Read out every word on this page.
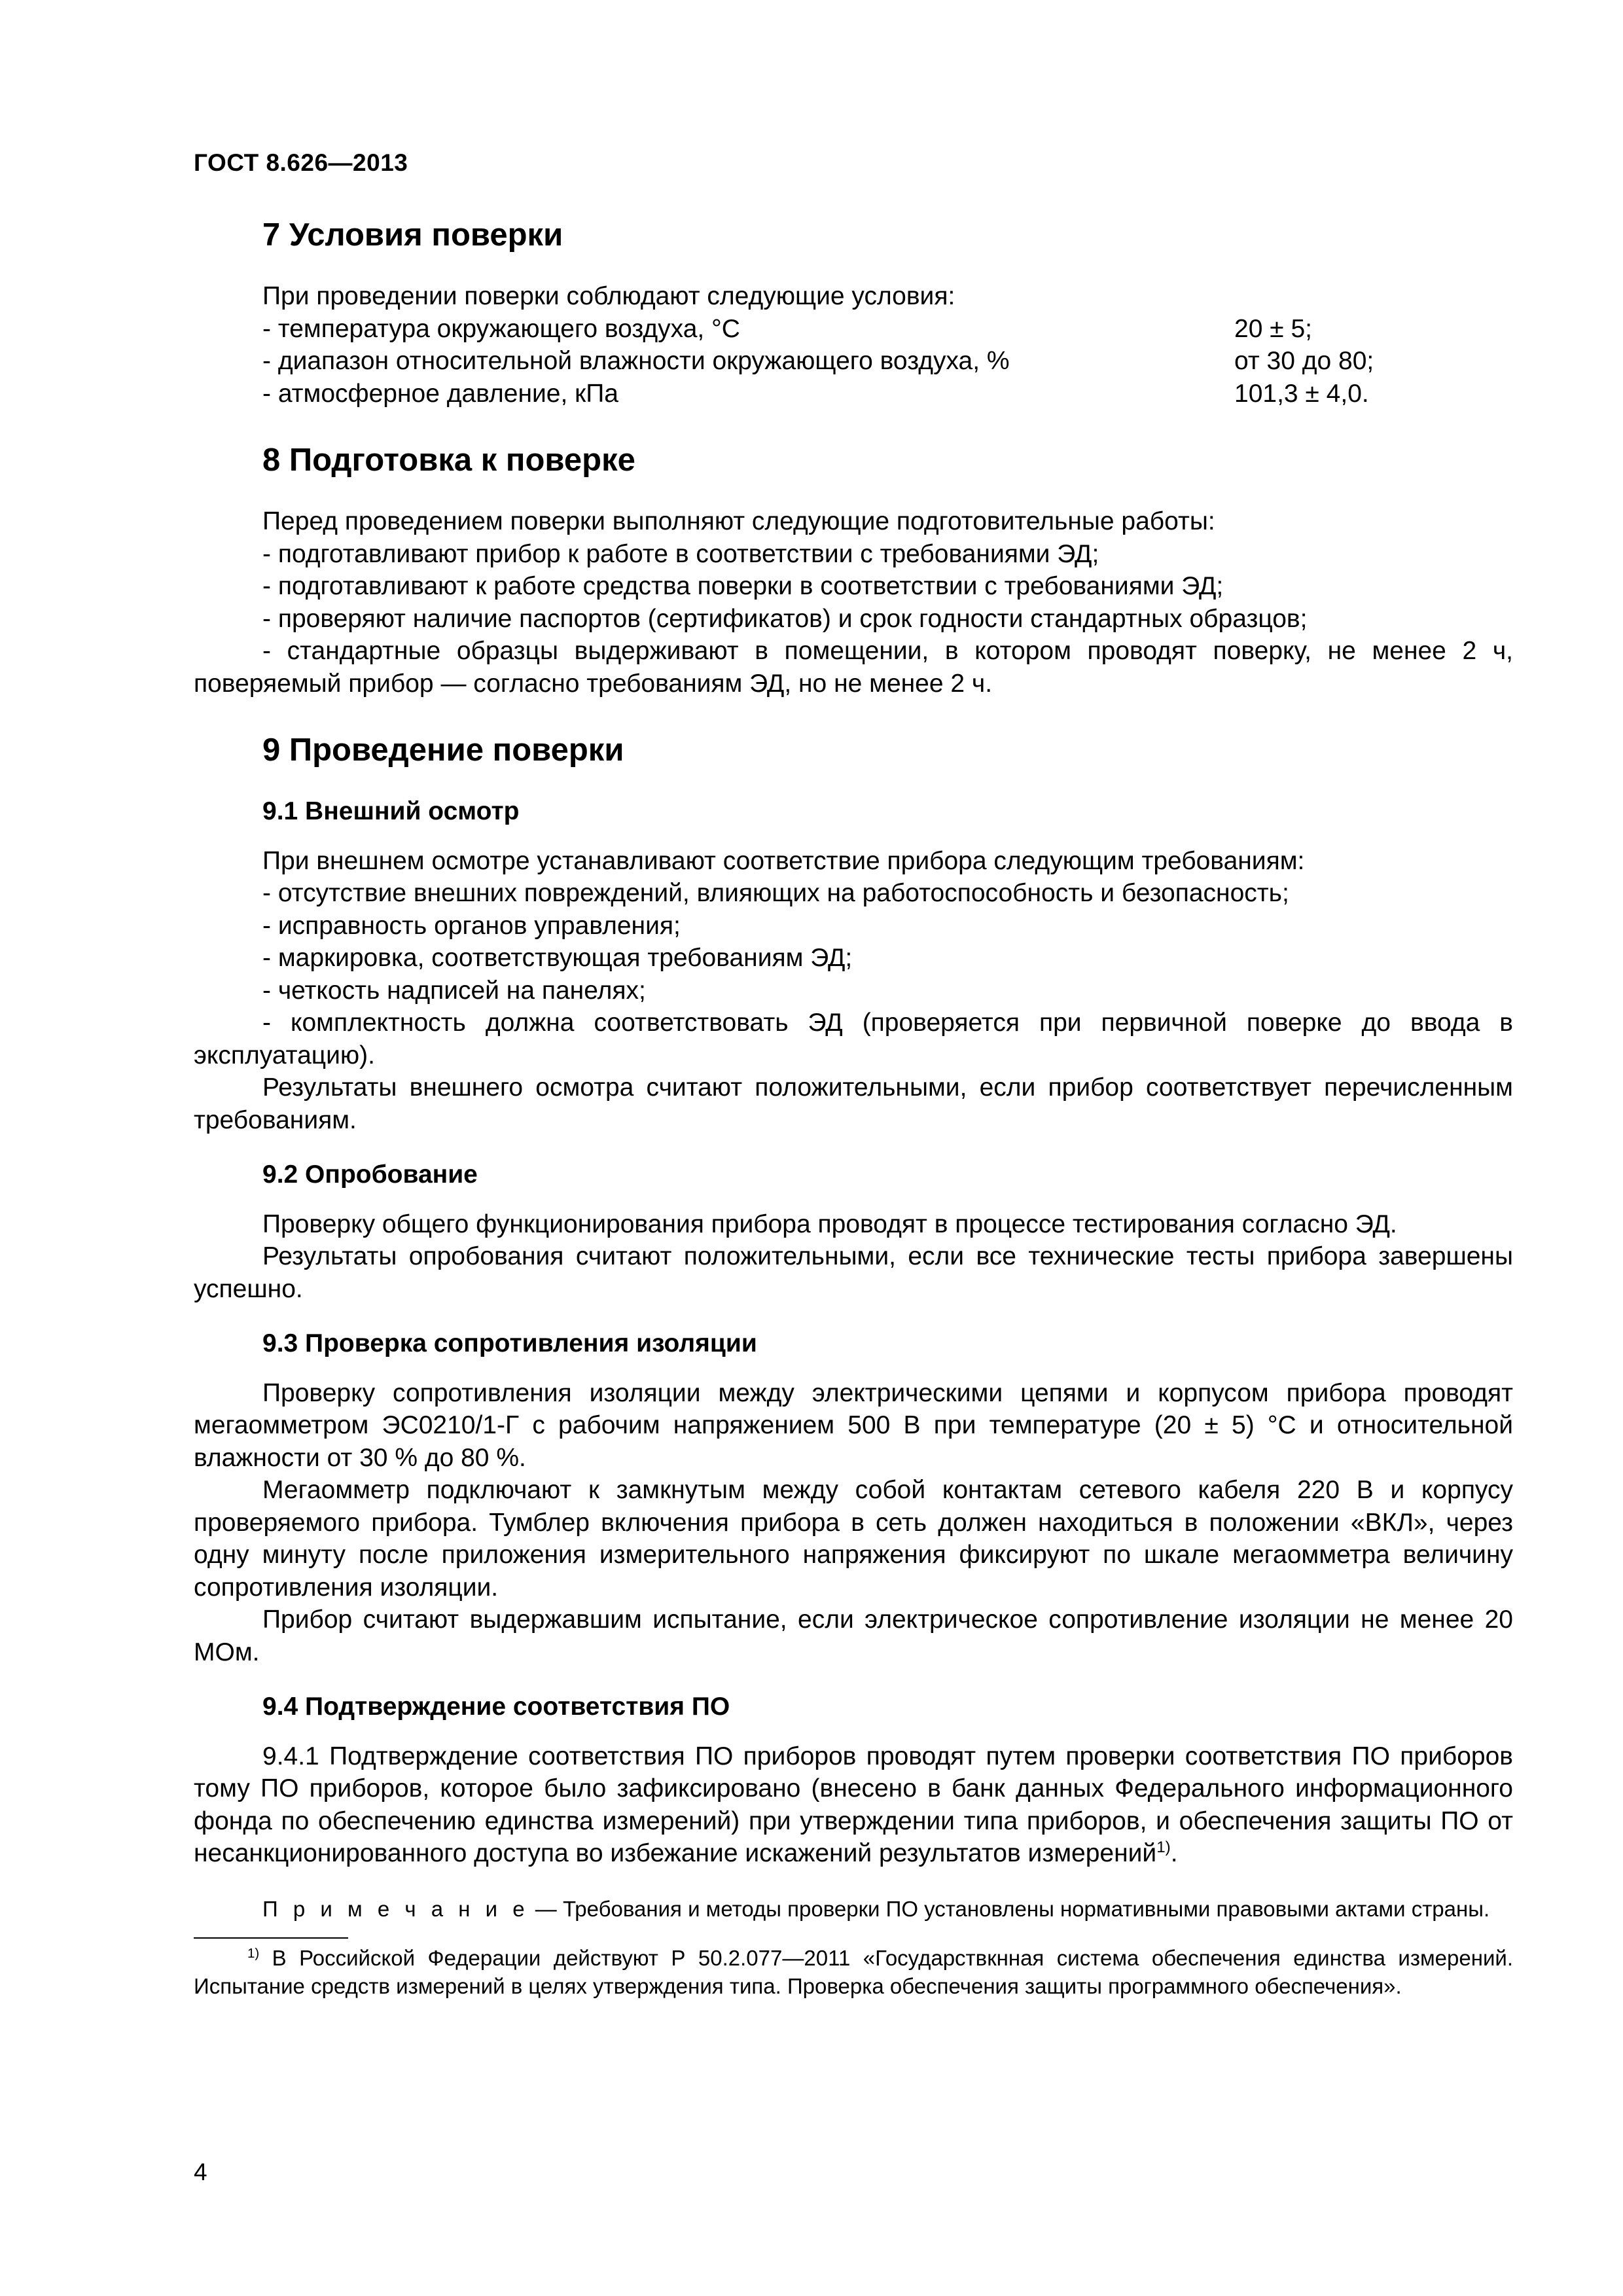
ГОСТ 8.626—2013
7 Условия поверки

При проведении поверки соблюдают следующие условия:

- температура окружающего воздуха, °С	20 ± 5;
- диапазон относительной влажности окружающего воздуха, %	от 30 до 80;
- атмосферное давление, кПа	101,3 ± 4,0.
8 Подготовка к поверке

Перед проведением поверки выполняют следующие подготовительные работы:

- подготавливают прибор к работе в соответствии с требованиями ЭД;

- подготавливают к работе средства поверки в соответствии с требованиями ЭД;

- проверяют наличие паспортов (сертификатов) и срок годности стандартных образцов;

- стандартные образцы выдерживают в помещении, в котором проводят поверку, не менее 2 ч, поверяемый прибор — согласно требованиям ЭД, но не менее 2 ч.

9 Проведение поверки
9.1 Внешний осмотр

При внешнем осмотре устанавливают соответствие прибора следующим требованиям:

- отсутствие внешних повреждений, влияющих на работоспособность и безопасность;

- исправность органов управления;

- маркировка, соответствующая требованиям ЭД;

- четкость надписей на панелях;

- комплектность должна соответствовать ЭД (проверяется при первичной поверке до ввода в эксплуатацию).

Результаты внешнего осмотра считают положительными, если прибор соответствует перечисленным требованиям.

9.2 Опробование

Проверку общего функционирования прибора проводят в процессе тестирования согласно ЭД.

Результаты опробования считают положительными, если все технические тесты прибора завершены успешно.

9.3 Проверка сопротивления изоляции

Проверку сопротивления изоляции между электрическими цепями и корпусом прибора проводят мегаомметром ЭС0210/1-Г с рабочим напряжением 500 В при температуре (20 ± 5) °С и относительной влажности от 30 % до 80 %.

Мегаомметр подключают к замкнутым между собой контактам сетевого кабеля 220 В и корпусу проверяемого прибора. Тумблер включения прибора в сеть должен находиться в положении «ВКЛ», через одну минуту после приложения измерительного напряжения фиксируют по шкале мегаомметра величину сопротивления изоляции.

Прибор считают выдержавшим испытание, если электрическое сопротивление изоляции не менее 20 МОм.

9.4 Подтверждение соответствия ПО

9.4.1 Подтверждение соответствия ПО приборов проводят путем проверки соответствия ПО приборов тому ПО приборов, которое было зафиксировано (внесено в банк данных Федерального информационного фонда по обеспечению единства измерений) при утверждении типа приборов, и обеспечения защиты ПО от несанкционированного доступа во избежание искажений результатов измерений$^{1)}$.

П р и м е ч а н и е — Требования и методы проверки ПО установлены нормативными правовыми актами страны.

$^{1)}$ В Российской Федерации действуют Р 50.2.077—2011 «Государствкнная система обеспечения единства измерений. Испытание средств измерений в целях утверждения типа. Проверка обеспечения защиты программного обеспечения».

4
